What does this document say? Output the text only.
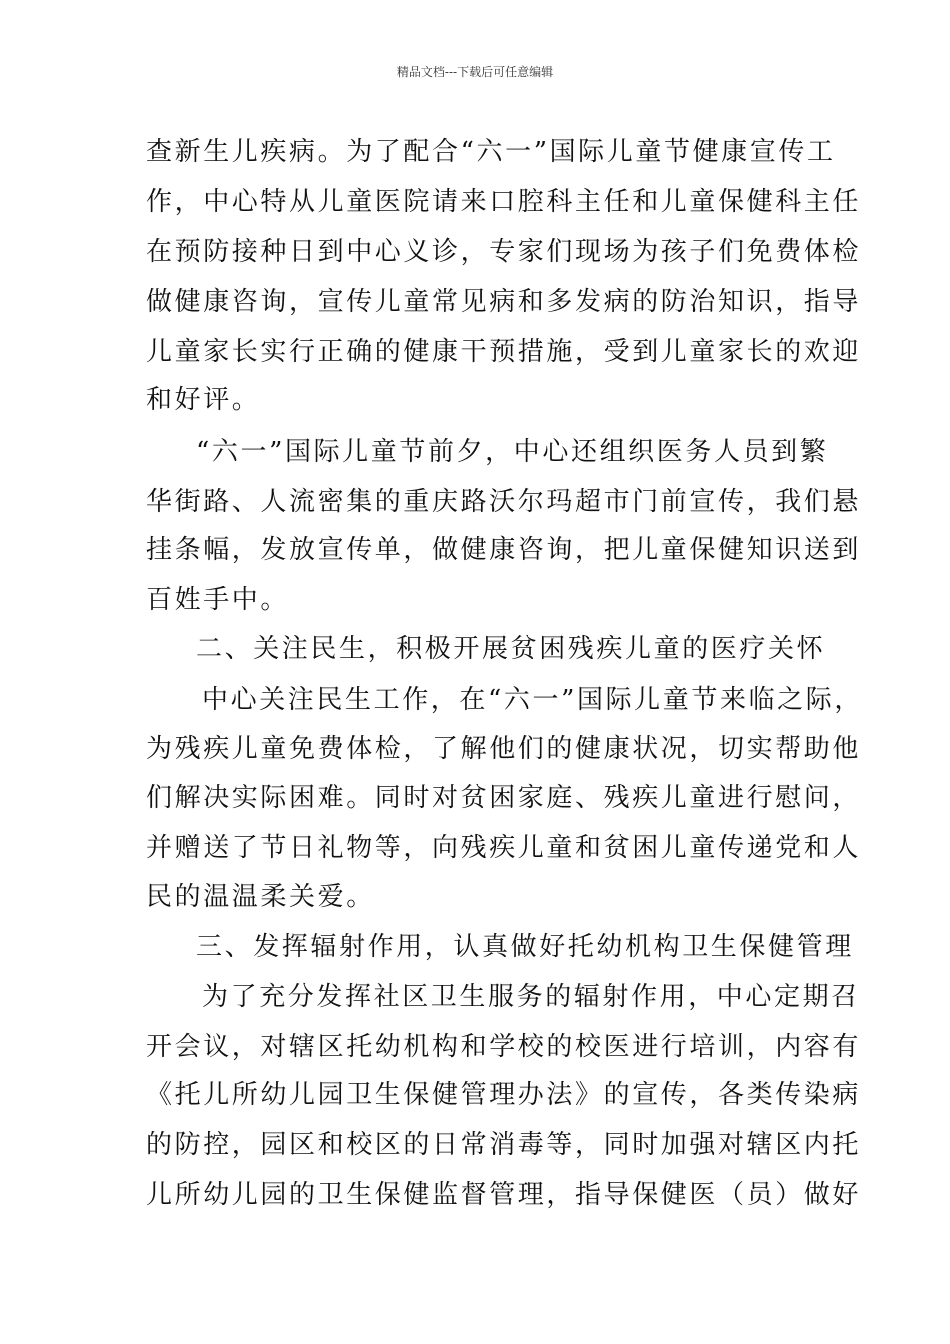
精品文档---下载后可任意编辑
查新生儿疾病。为了配合“六一”国际儿童节健康宣传工
作，中心特从儿童医院请来口腔科主任和儿童保健科主任
在预防接种日到中心义诊，专家们现场为孩子们免费体检
做健康咨询，宣传儿童常见病和多发病的防治知识，指导
儿童家长实行正确的健康干预措施，受到儿童家长的欢迎
和好评。
“六一”国际儿童节前夕，中心还组织医务人员到繁
华街路、人流密集的重庆路沃尔玛超市门前宣传，我们悬
挂条幅，发放宣传单，做健康咨询，把儿童保健知识送到
百姓手中。
二、关注民生，积极开展贫困残疾儿童的医疗关怀
中心关注民生工作，在“六一”国际儿童节来临之际，
为残疾儿童免费体检，了解他们的健康状况，切实帮助他
们解决实际困难。同时对贫困家庭、残疾儿童进行慰问，
并赠送了节日礼物等，向残疾儿童和贫困儿童传递党和人
民的温温柔关爱。
三、发挥辐射作用，认真做好托幼机构卫生保健管理
为了充分发挥社区卫生服务的辐射作用，中心定期召
开会议，对辖区托幼机构和学校的校医进行培训，内容有
《托儿所幼儿园卫生保健管理办法》的宣传，各类传染病
的防控，园区和校区的日常消毒等，同时加强对辖区内托
儿所幼儿园的卫生保健监督管理，指导保健医（员）做好
